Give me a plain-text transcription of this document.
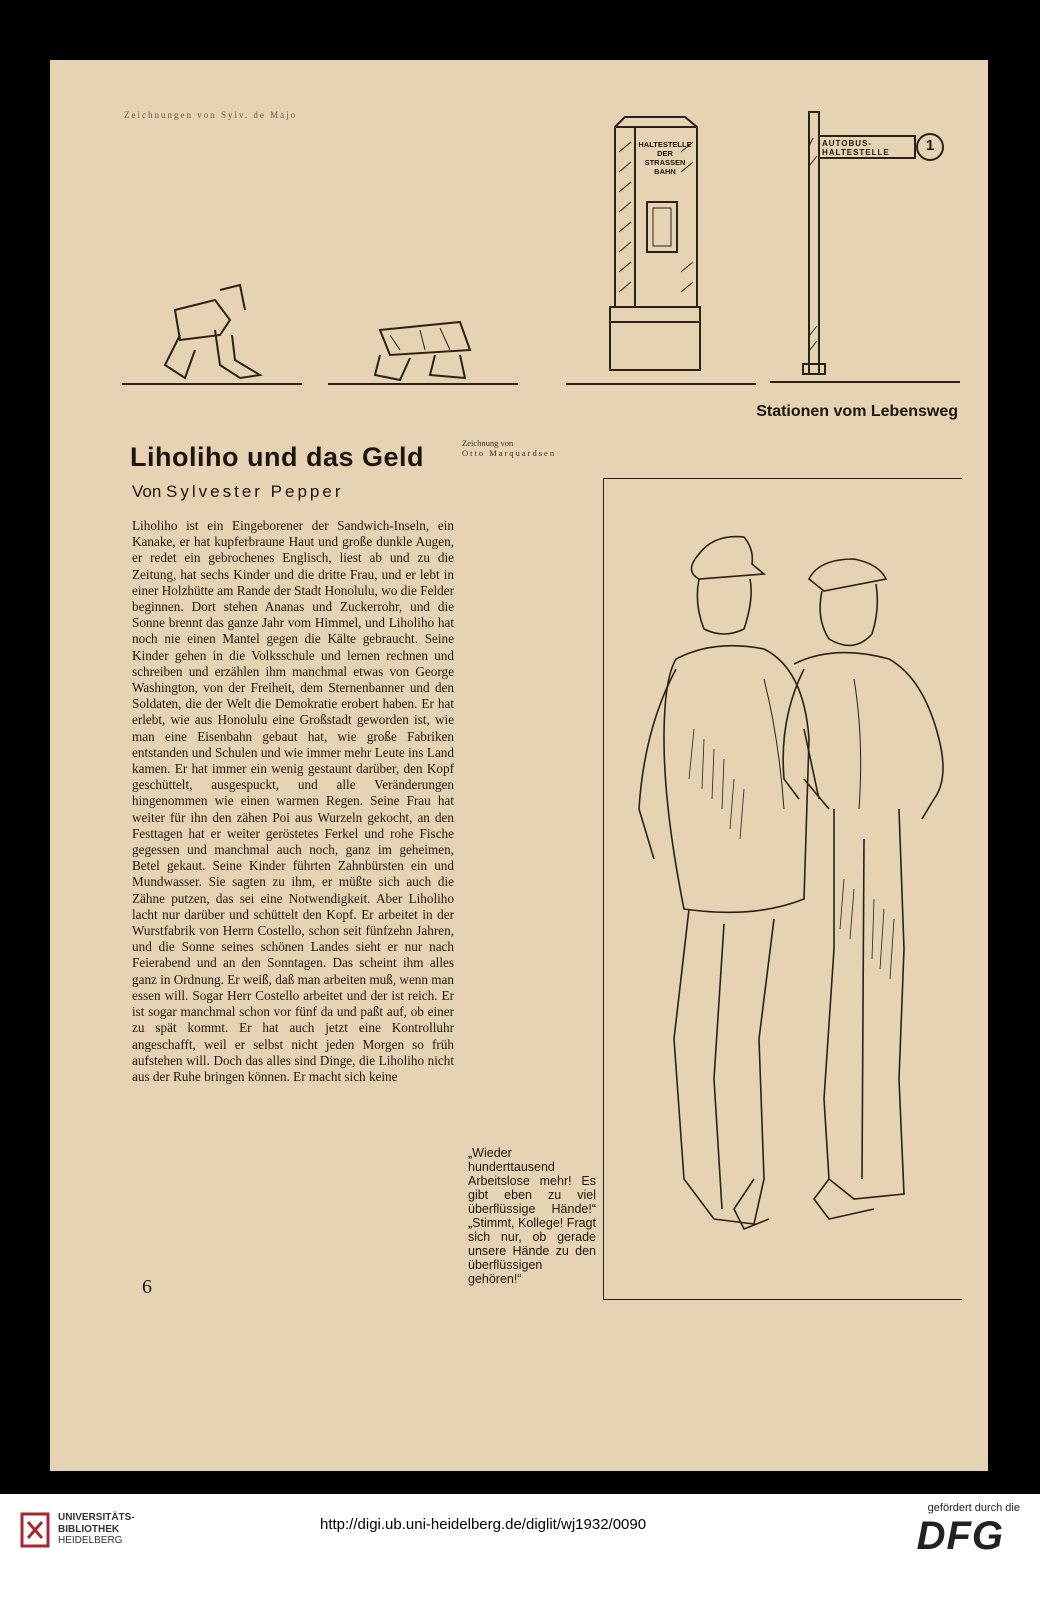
Zeichnungen von Sylv. de Majo
HALTESTELLE DER STRASSEN BAHN
AUTOBUS-HALTESTELLE	1
Stationen vom Lebensweg
Liholiho und das Geld
Von Sylvester Pepper
Zeichnung von
Otto Marquardsen

Liholiho ist ein Eingeborener der Sandwich-Inseln, ein Kanake, er hat kupferbraune Haut und große dunkle Augen, er redet ein gebrochenes Englisch, liest ab und zu die Zeitung, hat sechs Kinder und die dritte Frau, und er lebt in einer Holzhütte am Rande der Stadt Honolulu, wo die Felder beginnen. Dort stehen Ananas und Zuckerrohr, und die Sonne brennt das ganze Jahr vom Himmel, und Liholiho hat noch nie einen Mantel gegen die Kälte gebraucht. Seine Kinder gehen in die Volksschule und lernen rechnen und schreiben und erzählen ihm manchmal etwas von George Washington, von der Freiheit, dem Sternenbanner und den Soldaten, die der Welt die Demokratie erobert haben. Er hat erlebt, wie aus Honolulu eine Großstadt geworden ist, wie man eine Eisenbahn gebaut hat, wie große Fabriken entstanden und Schulen und wie immer mehr Leute ins Land kamen. Er hat immer ein wenig gestaunt darüber, den Kopf geschüttelt, ausgespuckt, und alle Veränderungen hingenommen wie einen warmen Regen. Seine Frau hat weiter für ihn den zähen Poi aus Wurzeln gekocht, an den Festtagen hat er weiter geröstetes Ferkel und rohe Fische gegessen und manchmal auch noch, ganz im geheimen, Betel gekaut. Seine Kinder führten Zahnbürsten ein und Mundwasser. Sie sagten zu ihm, er müßte sich auch die Zähne putzen, das sei eine Notwendigkeit. Aber Liholiho lacht nur darüber und schüttelt den Kopf. Er arbeitet in der Wurstfabrik von Herrn Costello, schon seit fünfzehn Jahren, und die Sonne seines schönen Landes sieht er nur nach Feierabend und an den Sonntagen. Das scheint ihm alles ganz in Ordnung. Er weiß, daß man arbeiten muß, wenn man essen will. Sogar Herr Costello arbeitet und der ist reich. Er ist sogar manchmal schon vor fünf da und paßt auf, ob einer zu spät kommt. Er hat auch jetzt eine Kontrolluhr angeschafft, weil er selbst nicht jeden Morgen so früh aufstehen will. Doch das alles sind Dinge, die Liholiho nicht aus der Ruhe bringen können. Er macht sich keine

„Wieder hunderttausend Arbeitslose mehr! Es gibt eben zu viel überflüssige Hände!“ „Stimmt, Kollege! Fragt sich nur, ob gerade unsere Hände zu den überflüssigen gehören!“

6
UNIVERSITÄTS-
BIBLIOTHEK
HEIDELBERG
http://digi.ub.uni-heidelberg.de/diglit/wj1932/0090
gefördert durch die
DFG
